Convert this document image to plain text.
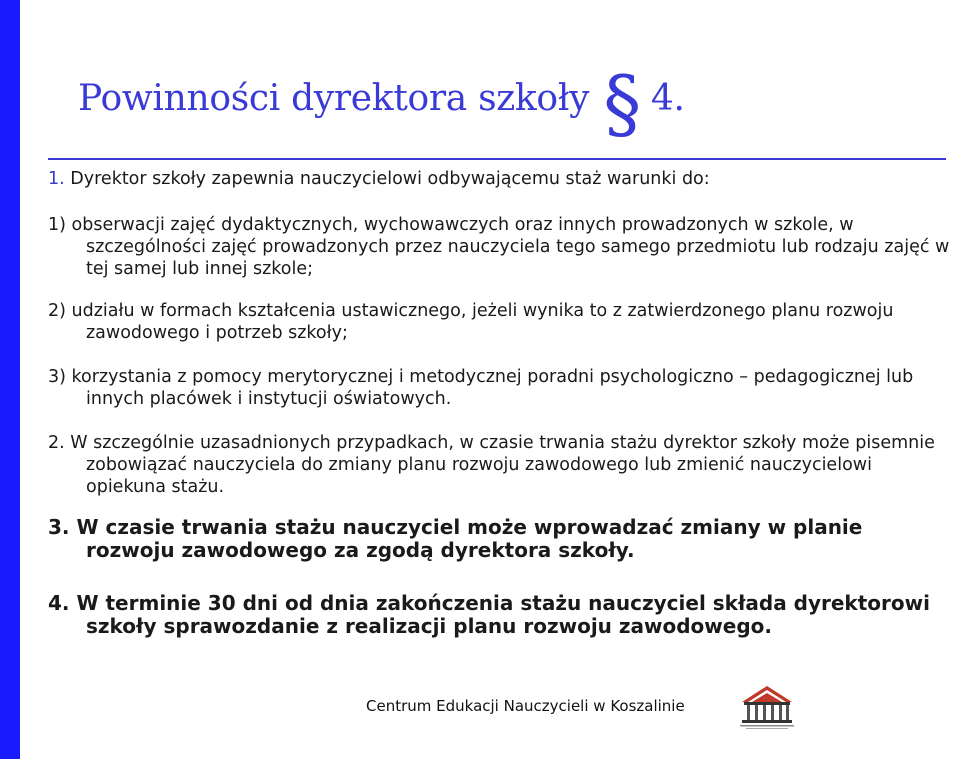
Powinności dyrektora szkoły § 4.
1. Dyrektor szkoły zapewnia nauczycielowi odbywającemu staż warunki do:
1) obserwacji zajęć dydaktycznych, wychowawczych oraz innych prowadzonych w szkole, w szczególności zajęć prowadzonych przez nauczyciela tego samego przedmiotu lub rodzaju zajęć w tej samej lub innej szkole;
2) udziału w formach kształcenia ustawicznego, jeżeli wynika to z zatwierdzonego planu rozwoju zawodowego i potrzeb szkoły;
3) korzystania z pomocy merytorycznej i metodycznej poradni psychologiczno – pedagogicznej lub innych placówek i instytucji oświatowych.
2. W szczególnie uzasadnionych przypadkach, w czasie trwania stażu dyrektor szkoły może pisemnie zobowiązać nauczyciela do zmiany planu rozwoju zawodowego lub zmienić nauczycielowi opiekuna stażu.
3. W czasie trwania stażu nauczyciel może wprowadzać zmiany w planie rozwoju zawodowego za zgodą dyrektora szkoły.
4. W terminie 30 dni od dnia zakończenia stażu nauczyciel składa dyrektorowi szkoły sprawozdanie z realizacji planu rozwoju zawodowego.
Centrum Edukacji Nauczycieli w Koszalinie
